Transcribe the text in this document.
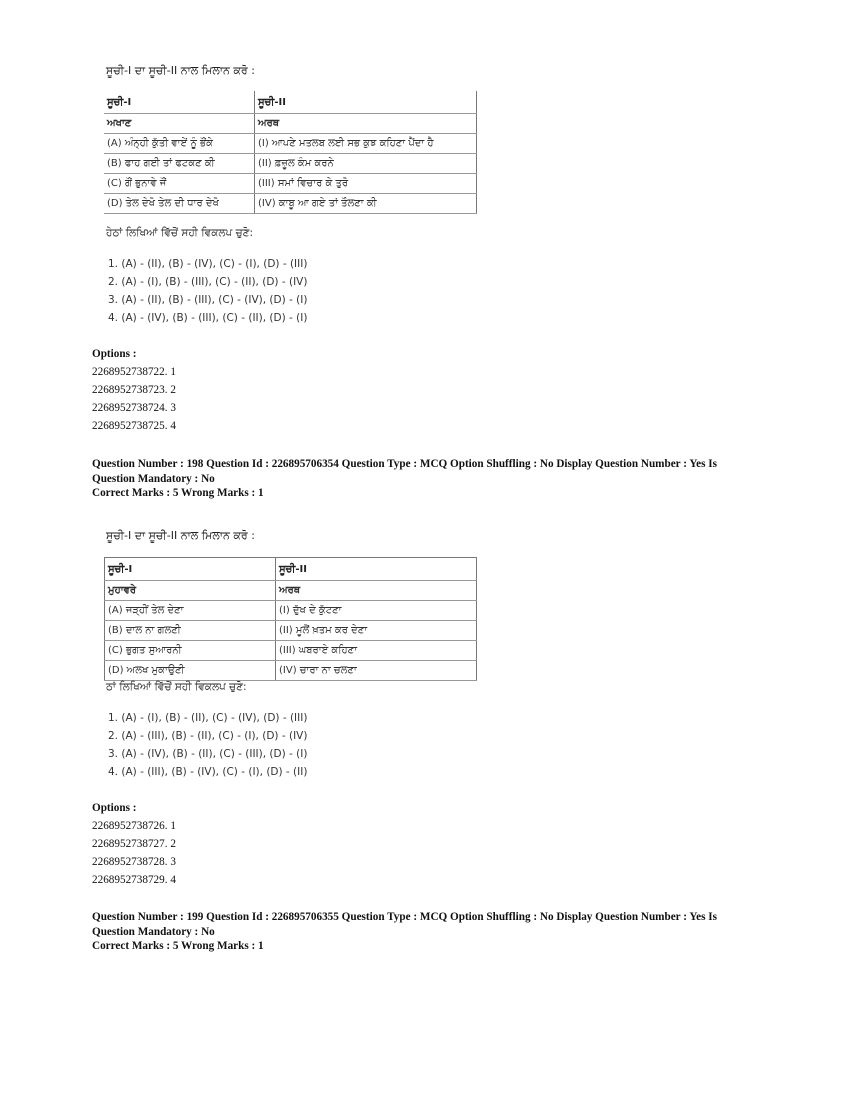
ਸੂਚੀ-I ਦਾ ਸੂਚੀ-II ਨਾਲ ਮਿਲਾਨ ਕਰੋ :
ਸੂਚੀ-I	ਸੂਚੀ-II
ਅਖਾਣ	ਅਰਥ
(A) ਅੰਨ੍ਹੀ ਕੁੱਤੀ ਵਾਏਂ ਨੂੰ ਭੌਂਕੇ	(I) ਆਪਣੇ ਮਤਲਬ ਲਈ ਸਭ ਕੁਝ ਕਹਿਣਾ ਪੈਂਦਾ ਹੈ
(B) ਫਾਹ ਗਈ ਤਾਂ ਫਟਕਣ ਕੀ	(II) ਫ਼ਜ਼ੂਲ ਕੰਮ ਕਰਨੇ
(C) ਗੌਂ ਭੁਨਾਵੇ ਜੌਂ	(III) ਸਮਾਂ ਵਿਚਾਰ ਕੇ ਤੁਰੋ
(D) ਤੇਲ ਦੇਖੋ ਤੇਲ ਦੀ ਧਾਰ ਦੇਖੋ	(IV) ਕਾਬੂ ਆ ਗਏ ਤਾਂ ਤੌਲਣਾ ਕੀ
ਹੇਠਾਂ ਲਿਖਿਆਂ ਵਿੱਚੋਂ ਸਹੀ ਵਿਕਲਪ ਚੁਣੋ:
1. (A) - (II), (B) - (IV), (C) - (I), (D) - (III)
2. (A) - (I), (B) - (III), (C) - (II), (D) - (IV)
3. (A) - (II), (B) - (III), (C) - (IV), (D) - (I)
4. (A) - (IV), (B) - (III), (C) - (II), (D) - (I)
Options :
2268952738722. 1
2268952738723. 2
2268952738724. 3
2268952738725. 4
Question Number : 198 Question Id : 226895706354 Question Type : MCQ Option Shuffling : No Display Question Number : Yes Is
Question Mandatory : No
Correct Marks : 5 Wrong Marks : 1
ਸੂਚੀ-I ਦਾ ਸੂਚੀ-II ਨਾਲ ਮਿਲਾਨ ਕਰੋ :
ਸੂਚੀ-I	ਸੂਚੀ-II
ਮੁਹਾਵਰੇ	ਅਰਥ
(A) ਜੜ੍ਹੀਂ ਤੇਲ ਦੇਣਾ	(I) ਦੁੱਖ ਦੇ ਕੁੱਟਣਾ
(B) ਦਾਲ ਨਾ ਗਲਣੀ	(II) ਮੂਲੋਂ ਖ਼ਤਮ ਕਰ ਦੇਣਾ
(C) ਭੁਗਤ ਸੁਆਰਨੀ	(III) ਘਬਰਾਏ ਕਹਿਣਾ
(D) ਅਲਖ ਮੁਕਾਉਣੀ	(IV) ਚਾਰਾ ਨਾ ਚਲਣਾ
ਠਾਂ ਲਿਖਿਆਂ ਵਿੱਚੋਂ ਸਹੀ ਵਿਕਲਪ ਚੁਣੋ:
1. (A) - (I), (B) - (II), (C) - (IV), (D) - (III)
2. (A) - (III), (B) - (II), (C) - (I), (D) - (IV)
3. (A) - (IV), (B) - (II), (C) - (III), (D) - (I)
4. (A) - (III), (B) - (IV), (C) - (I), (D) - (II)
Options :
2268952738726. 1
2268952738727. 2
2268952738728. 3
2268952738729. 4
Question Number : 199 Question Id : 226895706355 Question Type : MCQ Option Shuffling : No Display Question Number : Yes Is
Question Mandatory : No
Correct Marks : 5 Wrong Marks : 1
